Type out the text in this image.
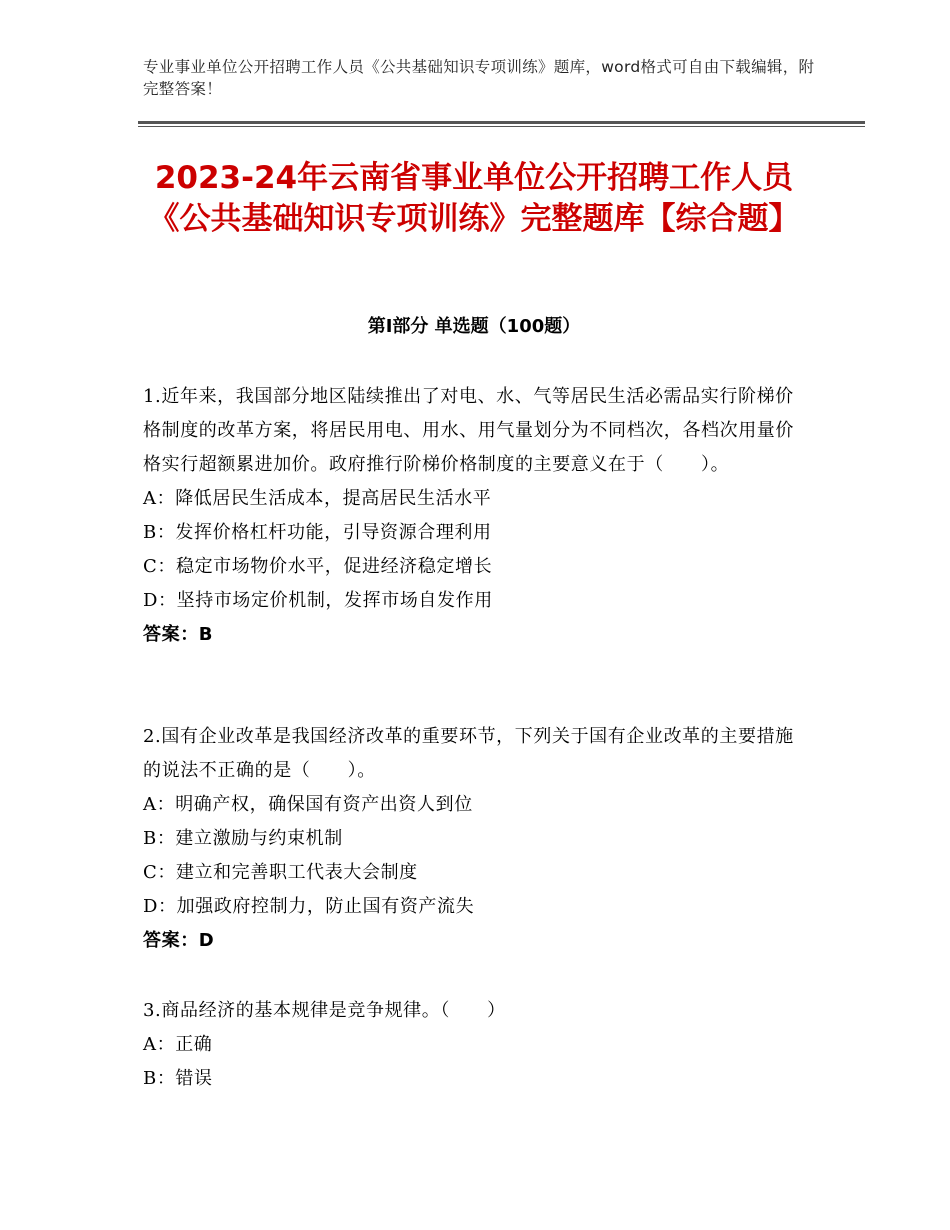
专业事业单位公开招聘工作人员《公共基础知识专项训练》题库，word格式可自由下载编辑，附完整答案！
2023-24年云南省事业单位公开招聘工作人员《公共基础知识专项训练》完整题库【综合题】
第Ⅰ部分 单选题（100题）
1.近年来，我国部分地区陆续推出了对电、水、气等居民生活必需品实行阶梯价格制度的改革方案，将居民用电、用水、用气量划分为不同档次，各档次用量价格实行超额累进加价。政府推行阶梯价格制度的主要意义在于（　　）。
A：降低居民生活成本，提高居民生活水平
B：发挥价格杠杆功能，引导资源合理利用
C：稳定市场物价水平，促进经济稳定增长
D：坚持市场定价机制，发挥市场自发作用
答案：B
2.国有企业改革是我国经济改革的重要环节，下列关于国有企业改革的主要措施的说法不正确的是（　　）。
A：明确产权，确保国有资产出资人到位
B：建立激励与约束机制
C：建立和完善职工代表大会制度
D：加强政府控制力，防止国有资产流失
答案：D
3.商品经济的基本规律是竞争规律。（　　）
A：正确
B：错误
